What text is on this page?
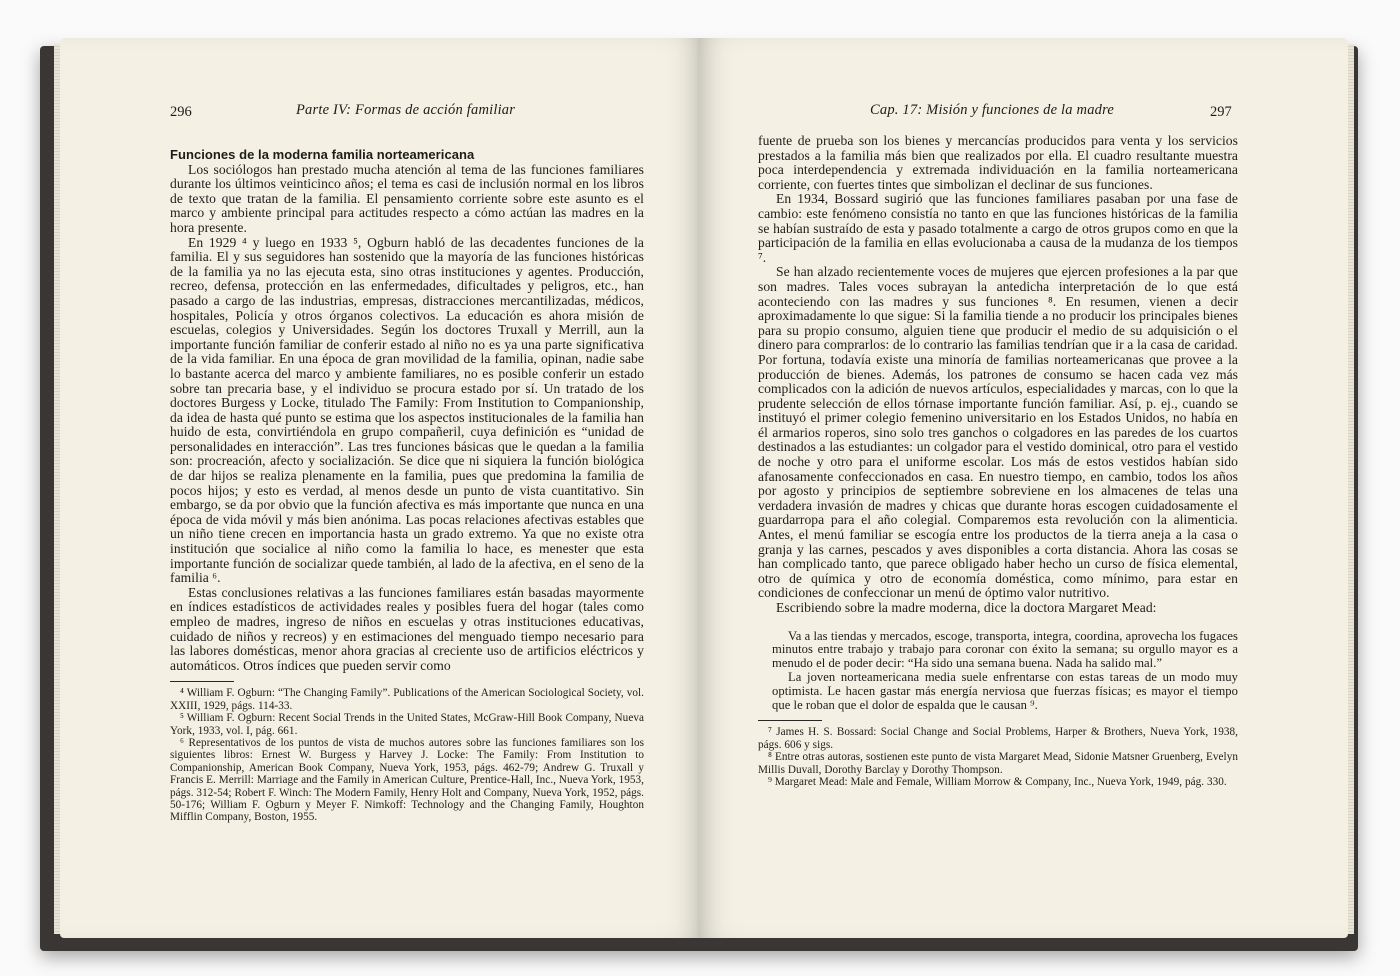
296	Parte IV: Formas de acción familiar

Funciones de la moderna familia norteamericana

Los sociólogos han prestado mucha atención al tema de las funciones familiares durante los últimos veinticinco años; el tema es casi de inclusión normal en los libros de texto que tratan de la familia. El pensamiento corriente sobre este asunto es el marco y ambiente principal para actitudes respecto a cómo actúan las madres en la hora presente.

En 1929 ⁴ y luego en 1933 ⁵, Ogburn habló de las decadentes funciones de la familia. El y sus seguidores han sostenido que la mayoría de las funciones históricas de la familia ya no las ejecuta esta, sino otras instituciones y agentes. Producción, recreo, defensa, protección en las enfermedades, dificultades y peligros, etc., han pasado a cargo de las industrias, empresas, distracciones mercantilizadas, médicos, hospitales, Policía y otros órganos colectivos. La educación es ahora misión de escuelas, colegios y Universidades. Según los doctores Truxall y Merrill, aun la importante función familiar de conferir estado al niño no es ya una parte significativa de la vida familiar. En una época de gran movilidad de la familia, opinan, nadie sabe lo bastante acerca del marco y ambiente familiares, no es posible conferir un estado sobre tan precaria base, y el individuo se procura estado por sí. Un tratado de los doctores Burgess y Locke, titulado The Family: From Institution to Companionship, da idea de hasta qué punto se estima que los aspectos institucionales de la familia han huido de esta, convirtiéndola en grupo compañeril, cuya definición es “unidad de personalidades en interacción”. Las tres funciones básicas que le quedan a la familia son: procreación, afecto y socialización. Se dice que ni siquiera la función biológica de dar hijos se realiza plenamente en la familia, pues que predomina la familia de pocos hijos; y esto es verdad, al menos desde un punto de vista cuantitativo. Sin embargo, se da por obvio que la función afectiva es más importante que nunca en una época de vida móvil y más bien anónima. Las pocas relaciones afectivas estables que un niño tiene crecen en importancia hasta un grado extremo. Ya que no existe otra institución que socialice al niño como la familia lo hace, es menester que esta importante función de socializar quede también, al lado de la afectiva, en el seno de la familia ⁶.

Estas conclusiones relativas a las funciones familiares están basadas mayormente en índices estadísticos de actividades reales y posibles fuera del hogar (tales como empleo de madres, ingreso de niños en escuelas y otras instituciones educativas, cuidado de niños y recreos) y en estimaciones del menguado tiempo necesario para las labores domésticas, menor ahora gracias al creciente uso de artificios eléctricos y automáticos. Otros índices que pueden servir como

⁴ William F. Ogburn: “The Changing Family”. Publications of the American Sociological Society, vol. XXIII, 1929, págs. 114-33.

⁵ William F. Ogburn: Recent Social Trends in the United States, McGraw-Hill Book Company, Nueva York, 1933, vol. I, pág. 661.

⁶ Representativos de los puntos de vista de muchos autores sobre las funciones familiares son los siguientes libros: Ernest W. Burgess y Harvey J. Locke: The Family: From Institution to Companionship, American Book Company, Nueva York, 1953, págs. 462-79; Andrew G. Truxall y Francis E. Merrill: Marriage and the Family in American Culture, Prentice-Hall, Inc., Nueva York, 1953, págs. 312-54; Robert F. Winch: The Modern Family, Henry Holt and Company, Nueva York, 1952, págs. 50-176; William F. Ogburn y Meyer F. Nimkoff: Technology and the Changing Family, Houghton Mifflin Company, Boston, 1955.

Cap. 17: Misión y funciones de la madre	297

fuente de prueba son los bienes y mercancías producidos para venta y los servicios prestados a la familia más bien que realizados por ella. El cuadro resultante muestra poca interdependencia y extremada individuación en la familia norteamericana corriente, con fuertes tintes que simbolizan el declinar de sus funciones.

En 1934, Bossard sugirió que las funciones familiares pasaban por una fase de cambio: este fenómeno consistía no tanto en que las funciones históricas de la familia se habían sustraído de esta y pasado totalmente a cargo de otros grupos como en que la participación de la familia en ellas evolucionaba a causa de la mudanza de los tiempos ⁷.

Se han alzado recientemente voces de mujeres que ejercen profesiones a la par que son madres. Tales voces subrayan la antedicha interpretación de lo que está aconteciendo con las madres y sus funciones ⁸. En resumen, vienen a decir aproximadamente lo que sigue: Si la familia tiende a no producir los principales bienes para su propio consumo, alguien tiene que producir el medio de su adquisición o el dinero para comprarlos: de lo contrario las familias tendrían que ir a la casa de caridad. Por fortuna, todavía existe una minoría de familias norteamericanas que provee a la producción de bienes. Además, los patrones de consumo se hacen cada vez más complicados con la adición de nuevos artículos, especialidades y marcas, con lo que la prudente selección de ellos tórnase importante función familiar. Así, p. ej., cuando se instituyó el primer colegio femenino universitario en los Estados Unidos, no había en él armarios roperos, sino solo tres ganchos o colgadores en las paredes de los cuartos destinados a las estudiantes: un colgador para el vestido dominical, otro para el vestido de noche y otro para el uniforme escolar. Los más de estos vestidos habían sido afanosamente confeccionados en casa. En nuestro tiempo, en cambio, todos los años por agosto y principios de septiembre sobreviene en los almacenes de telas una verdadera invasión de madres y chicas que durante horas escogen cuidadosamente el guardarropa para el año colegial. Comparemos esta revolución con la alimenticia. Antes, el menú familiar se escogía entre los productos de la tierra aneja a la casa o granja y las carnes, pescados y aves disponibles a corta distancia. Ahora las cosas se han complicado tanto, que parece obligado haber hecho un curso de física elemental, otro de química y otro de economía doméstica, como mínimo, para estar en condiciones de confeccionar un menú de óptimo valor nutritivo.

Escribiendo sobre la madre moderna, dice la doctora Margaret Mead:

Va a las tiendas y mercados, escoge, transporta, integra, coordina, aprovecha los fugaces minutos entre trabajo y trabajo para coronar con éxito la semana; su orgullo mayor es a menudo el de poder decir: “Ha sido una semana buena. Nada ha salido mal.”

La joven norteamericana media suele enfrentarse con estas tareas de un modo muy optimista. Le hacen gastar más energía nerviosa que fuerzas físicas; es mayor el tiempo que le roban que el dolor de espalda que le causan ⁹.

⁷ James H. S. Bossard: Social Change and Social Problems, Harper & Brothers, Nueva York, 1938, págs. 606 y sigs.

⁸ Entre otras autoras, sostienen este punto de vista Margaret Mead, Sidonie Matsner Gruenberg, Evelyn Millis Duvall, Dorothy Barclay y Dorothy Thompson.

⁹ Margaret Mead: Male and Female, William Morrow & Company, Inc., Nueva York, 1949, pág. 330.
